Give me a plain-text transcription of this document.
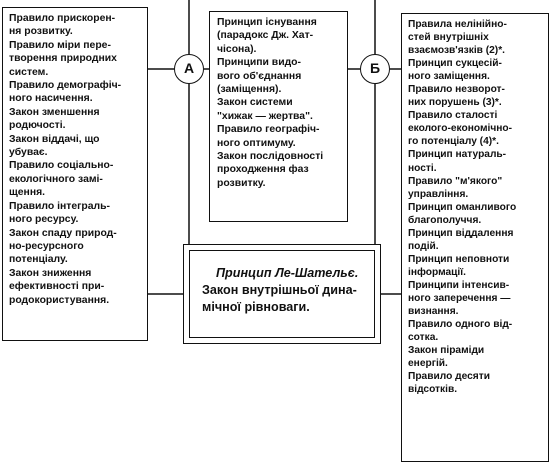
Правило прискорен-
ня розвитку.
Правило міри пере-
творення природних
систем.
Правило демографіч-
ного насичення.
Закон зменшення
родючості.
Закон віддачі, що
убуває.
Правило соціально-
екологічного замі-
щення.
Правило інтеграль-
ного ресурсу.
Закон спаду природ-
но-ресурсного
потенціалу.
Закон зниження
ефективності при-
родокористування.
А
Принцип існування
(парадокс Дж. Хат-
чісона).
Принципи видо-
вого об'єднання
(заміщення).
Закон системи
"хижак — жертва".
Правило географіч-
ного оптимуму.
Закон послідовності
проходження фаз
розвитку.
Б
Правила нелінійно-
стей внутрішніх
взаємозв'язків (2)*.
Принцип сукцесій-
ного заміщення.
Правило незворот-
них порушень (3)*.
Правило сталості
eколого-економічно-
го потенціалу (4)*.
Принцип натураль-
ності.
Правило "м'якого"
управління.
Принцип оманливого
благополуччя.
Принцип віддалення
подій.
Принцип неповноти
інформації.
Принципи інтенсив-
ного заперечення —
визнання.
Правило одного від-
сотка.
Закон піраміди
енергій.
Правило десяти
відсотків.
Принцип Ле-Шательє.
Закон внутрішньої дина-
мічної рівноваги.
